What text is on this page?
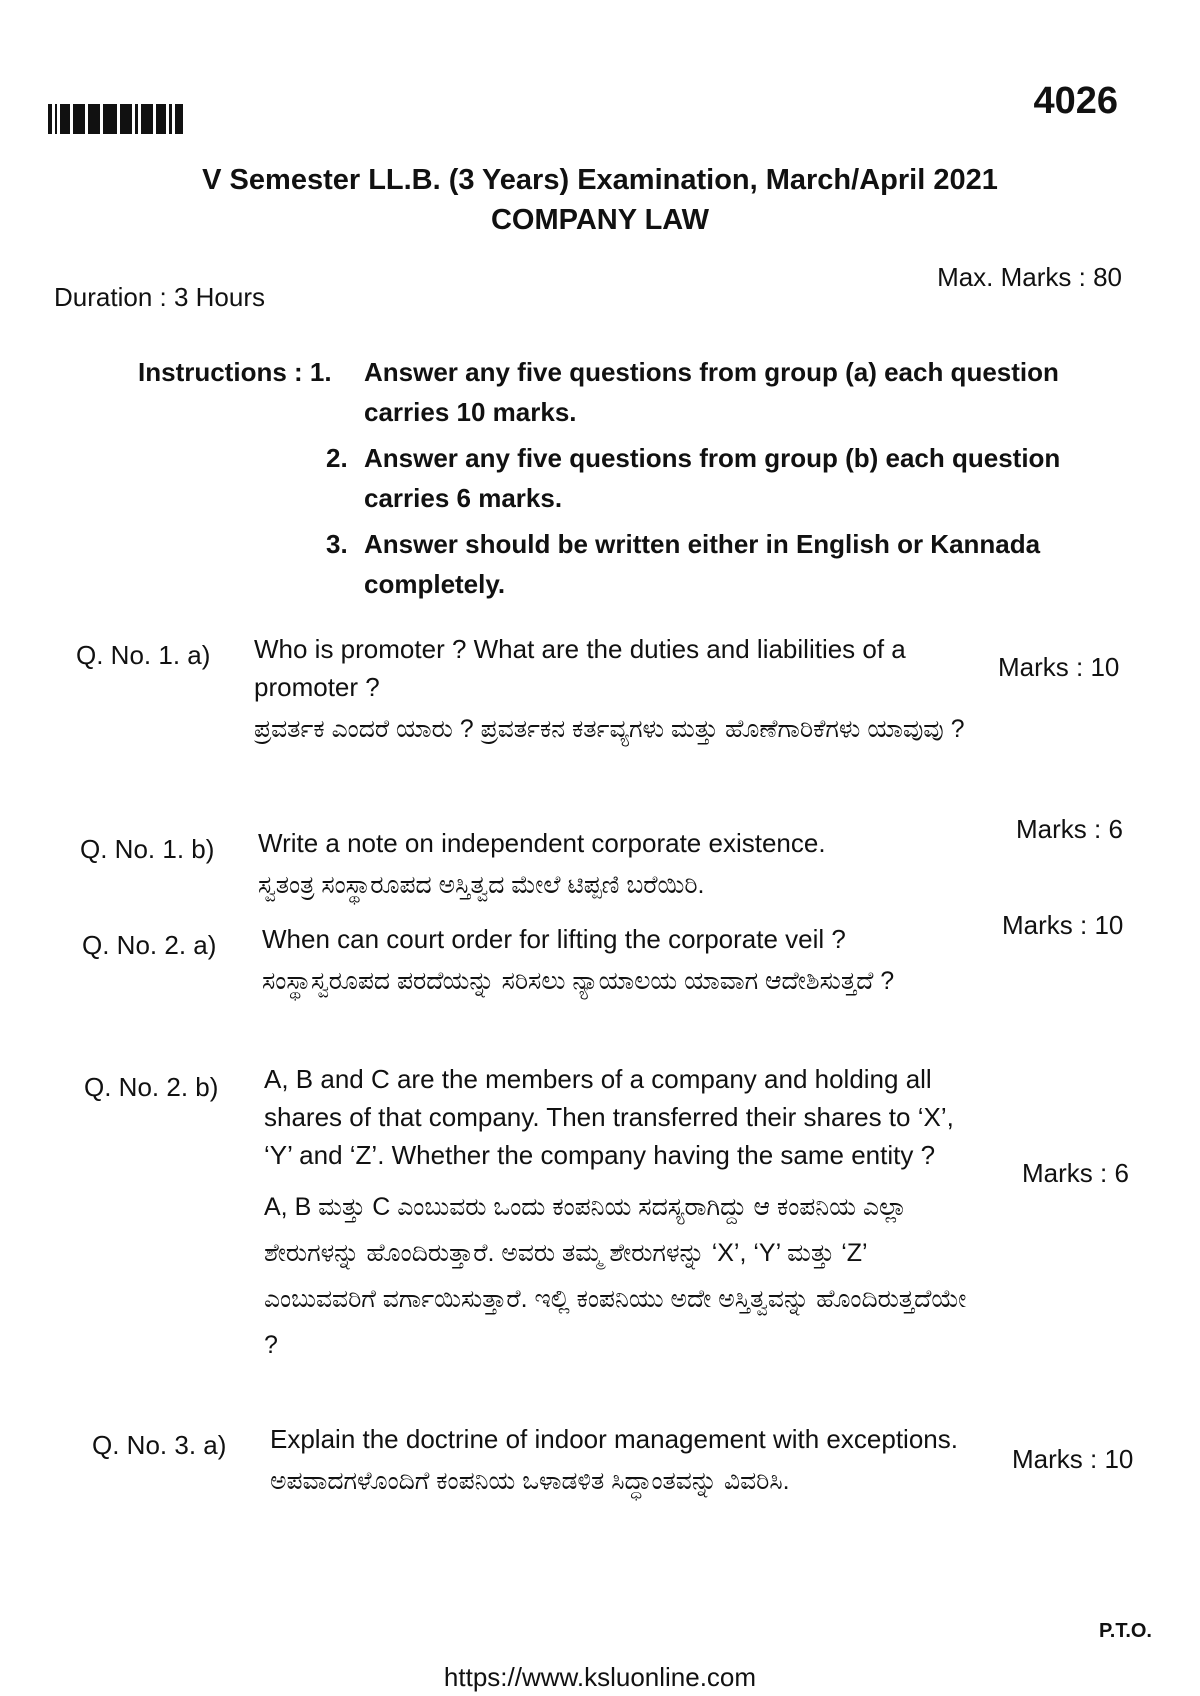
4026
V Semester LL.B. (3 Years) Examination, March/April 2021
COMPANY LAW
Duration : 3 Hours
Max. Marks : 80
Instructions : 1. Answer any five questions from group (a) each question
carries 10 marks.
2. Answer any five questions from group (b) each question
carries 6 marks.
3. Answer should be written either in English or Kannada
completely.
Q. No. 1. a) Who is promoter ? What are the duties and liabilities of a promoter ?
ಪ್ರವರ್ತಕ ಎಂದರೆ ಯಾರು ? ಪ್ರವರ್ತಕನ ಕರ್ತವ್ಯಗಳು ಮತ್ತು ಹೊಣೆಗಾರಿಕೆಗಳು ಯಾವುವು ?
Marks : 10
Q. No. 1. b) Write a note on independent corporate existence.
ಸ್ವತಂತ್ರ ಸಂಸ್ಥಾರೂಪದ ಅಸ್ತಿತ್ವದ ಮೇಲೆ ಟಿಪ್ಪಣಿ ಬರೆಯಿರಿ.
Marks : 6
Q. No. 2. a) When can court order for lifting the corporate veil ?
ಸಂಸ್ಥಾಸ್ವರೂಪದ ಪರದೆಯನ್ನು ಸರಿಸಲು ನ್ಯಾಯಾಲಯ ಯಾವಾಗ ಆದೇಶಿಸುತ್ತದೆ ?
Marks : 10
Q. No. 2. b) A, B and C are the members of a company and holding all shares of that company. Then transferred their shares to ‘X’, ‘Y’ and ‘Z’. Whether the company having the same entity ?
A, B ಮತ್ತು C ಎಂಬುವರು ಒಂದು ಕಂಪನಿಯ ಸದಸ್ಯರಾಗಿದ್ದು ಆ ಕಂಪನಿಯ ಎಲ್ಲಾ ಶೇರುಗಳನ್ನು ಹೊಂದಿರುತ್ತಾರೆ. ಅವರು ತಮ್ಮ ಶೇರುಗಳನ್ನು ‘X’, ‘Y’ ಮತ್ತು ‘Z’ ಎಂಬುವವರಿಗೆ ವರ್ಗಾಯಿಸುತ್ತಾರೆ. ಇಲ್ಲಿ ಕಂಪನಿಯು ಅದೇ ಅಸ್ತಿತ್ವವನ್ನು ಹೊಂದಿರುತ್ತದೆಯೇ ?
Marks : 6
Q. No. 3. a) Explain the doctrine of indoor management with exceptions.
ಅಪವಾದಗಳೊಂದಿಗೆ ಕಂಪನಿಯ ಒಳಾಡಳಿತ ಸಿದ್ಧಾಂತವನ್ನು ವಿವರಿಸಿ.
Marks : 10
P.T.O.
https://www.ksluonline.com
